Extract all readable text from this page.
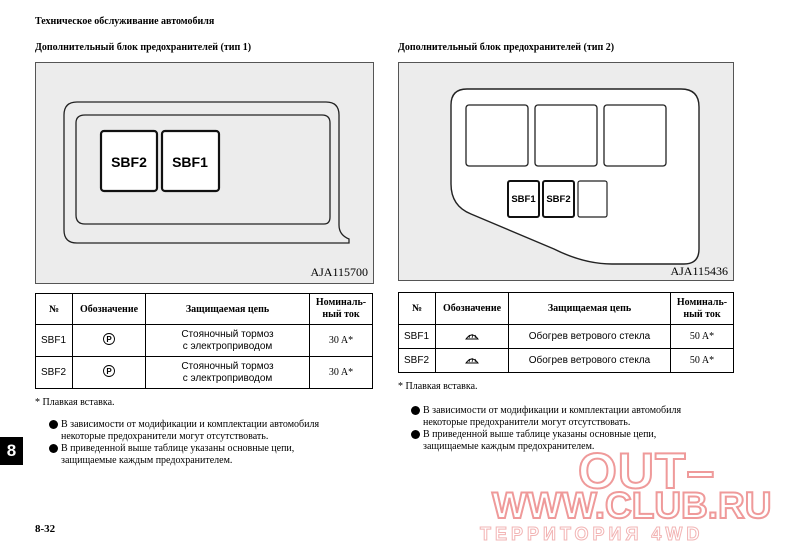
Техническое обслуживание автомобиля
Дополнительный блок предохранителей (тип 1)
SBF2 SBF1
AJA115700
№	Обозначение	Защищаемая цепь	Номиналь-
ный ток
SBF1	P	Стояночный тормоз
с электроприводом	30 A*
SBF2	P	Стояночный тормоз
с электроприводом	30 A*
* Плавкая вставка.
В зависимости от модификации и комплектации автомобиля
некоторые предохранители могут отсутствовать.
В приведенной выше таблице указаны основные цепи,
защищаемые каждым предохранителем.
Дополнительный блок предохранителей (тип 2)
SBF1 SBF2
AJA115436
№	Обозначение	Защищаемая цепь	Номиналь-
ный ток
SBF1		Обогрев ветрового стекла	50 A*
SBF2		Обогрев ветрового стекла	50 A*
* Плавкая вставка.
В зависимости от модификации и комплектации автомобиля
некоторые предохранители могут отсутствовать.
В приведенной выше таблице указаны основные цепи,
защищаемые каждым предохранителем.
8
8-32
OUT–
WWW.CLUB.RU
ТЕРРИТОРИЯ 4WD
